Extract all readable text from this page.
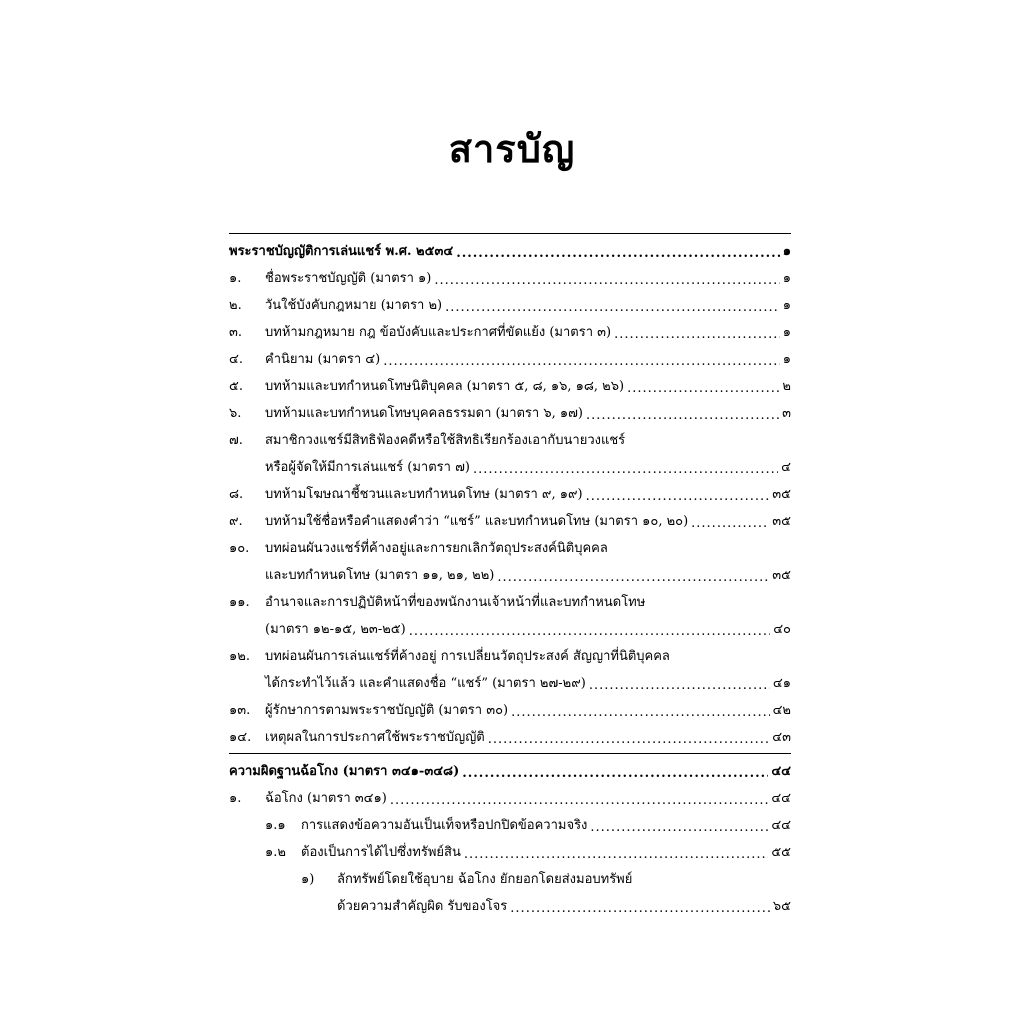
สารบัญ
พระราชบัญญัติการเล่นแชร์ พ.ศ. ๒๕๓๔ .....	๑
๑.	ชื่อพระราชบัญญัติ (มาตรา ๑) .....	๑
๒.	วันใช้บังคับกฎหมาย (มาตรา ๒) .....	๑
๓.	บทห้ามกฎหมาย กฎ ข้อบังคับและประกาศที่ขัดแย้ง (มาตรา ๓) .....	๑
๔.	คำนิยาม (มาตรา ๔) .....	๑
๕.	บทห้ามและบทกำหนดโทษนิติบุคคล (มาตรา ๕, ๘, ๑๖, ๑๘, ๒๖) .....	๒
๖.	บทห้ามและบทกำหนดโทษบุคคลธรรมดา (มาตรา ๖, ๑๗) .....	๓
๗.	สมาชิกวงแชร์มีสิทธิฟ้องคดีหรือใช้สิทธิเรียกร้องเอากับนายวงแชร์
หรือผู้จัดให้มีการเล่นแชร์ (มาตรา ๗) .....	๔
๘.	บทห้ามโฆษณาชี้ชวนและบทกำหนดโทษ (มาตรา ๙, ๑๙) .....	๓๕
๙.	บทห้ามใช้ชื่อหรือคำแสดงคำว่า “แชร์” และบทกำหนดโทษ (มาตรา ๑๐, ๒๐) .....	๓๕
๑๐.	บทผ่อนผันวงแชร์ที่ค้างอยู่และการยกเลิกวัตถุประสงค์นิติบุคคล
และบทกำหนดโทษ (มาตรา ๑๑, ๒๑, ๒๒) .....	๓๕
๑๑.	อำนาจและการปฏิบัติหน้าที่ของพนักงานเจ้าหน้าที่และบทกำหนดโทษ
(มาตรา ๑๒-๑๕, ๒๓-๒๕) .....	๔๐
๑๒.	บทผ่อนผันการเล่นแชร์ที่ค้างอยู่ การเปลี่ยนวัตถุประสงค์ สัญญาที่นิติบุคคล
ได้กระทำไว้แล้ว และคำแสดงชื่อ “แชร์” (มาตรา ๒๗-๒๙) .....	๔๑
๑๓.	ผู้รักษาการตามพระราชบัญญัติ (มาตรา ๓๐) .....	๔๒
๑๔.	เหตุผลในการประกาศใช้พระราชบัญญัติ .....	๔๓
ความผิดฐานฉ้อโกง (มาตรา ๓๔๑-๓๔๘) .....	๔๔
๑.	ฉ้อโกง (มาตรา ๓๔๑) .....	๔๔
๑.๑	การแสดงข้อความอันเป็นเท็จหรือปกปิดข้อความจริง .....	๔๔
๑.๒	ต้องเป็นการได้ไปซึ่งทรัพย์สิน .....	๕๕
๑)	ลักทรัพย์โดยใช้อุบาย ฉ้อโกง ยักยอกโดยส่งมอบทรัพย์
ด้วยความสำคัญผิด รับของโจร .....	๖๕
